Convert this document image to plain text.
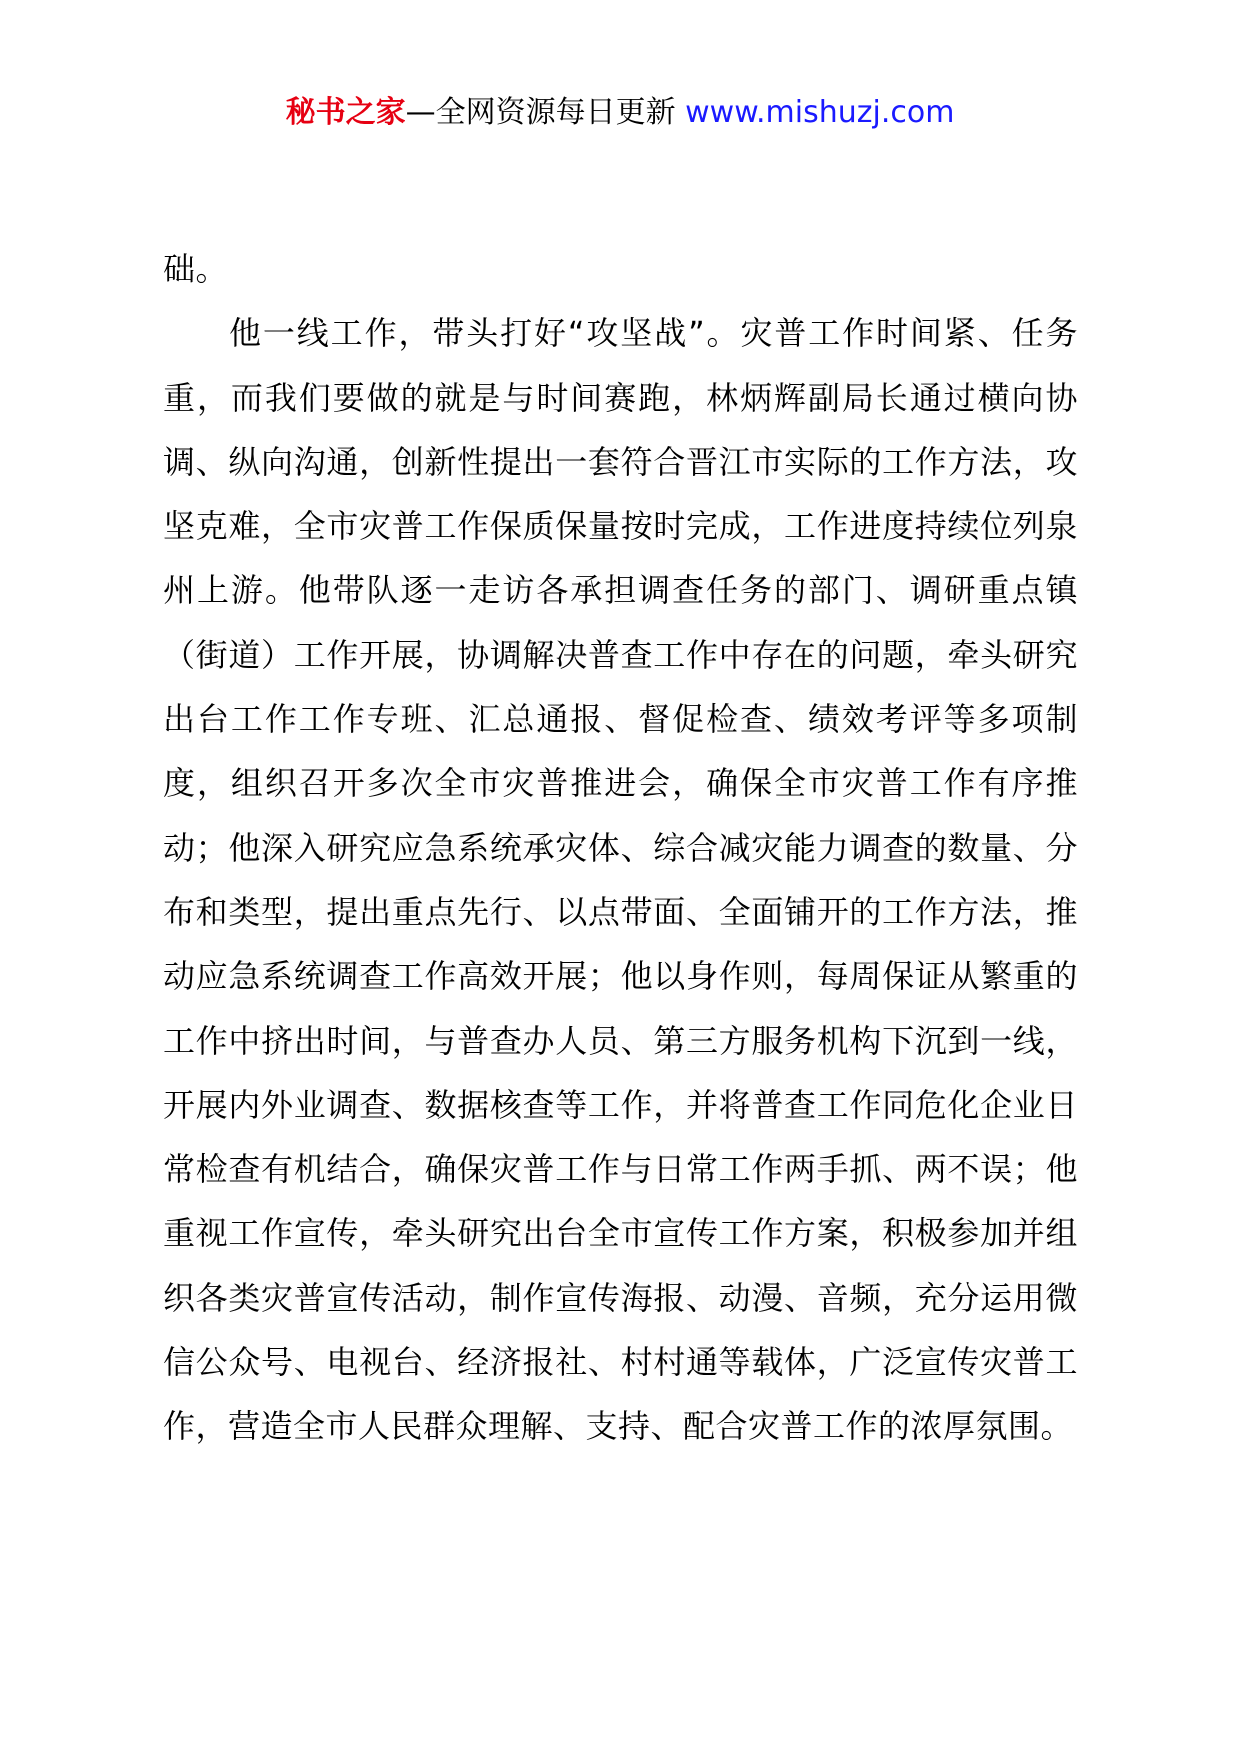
秘书之家—全网资源每日更新 www.mishuzj.com

础。

他一线工作，带头打好“攻坚战”。灾普工作时间紧、任务重，而我们要做的就是与时间赛跑，林炳辉副局长通过横向协调、纵向沟通，创新性提出一套符合晋江市实际的工作方法，攻坚克难，全市灾普工作保质保量按时完成，工作进度持续位列泉州上游。他带队逐一走访各承担调查任务的部门、调研重点镇（街道）工作开展，协调解决普查工作中存在的问题，牵头研究出台工作工作专班、汇总通报、督促检查、绩效考评等多项制度，组织召开多次全市灾普推进会，确保全市灾普工作有序推动；他深入研究应急系统承灾体、综合减灾能力调查的数量、分布和类型，提出重点先行、以点带面、全面铺开的工作方法，推动应急系统调查工作高效开展；他以身作则，每周保证从繁重的工作中挤出时间，与普查办人员、第三方服务机构下沉到一线，开展内外业调查、数据核查等工作，并将普查工作同危化企业日常检查有机结合，确保灾普工作与日常工作两手抓、两不误；他重视工作宣传，牵头研究出台全市宣传工作方案，积极参加并组织各类灾普宣传活动，制作宣传海报、动漫、音频，充分运用微信公众号、电视台、经济报社、村村通等载体，广泛宣传灾普工作，营造全市人民群众理解、支持、配合灾普工作的浓厚氛围。
